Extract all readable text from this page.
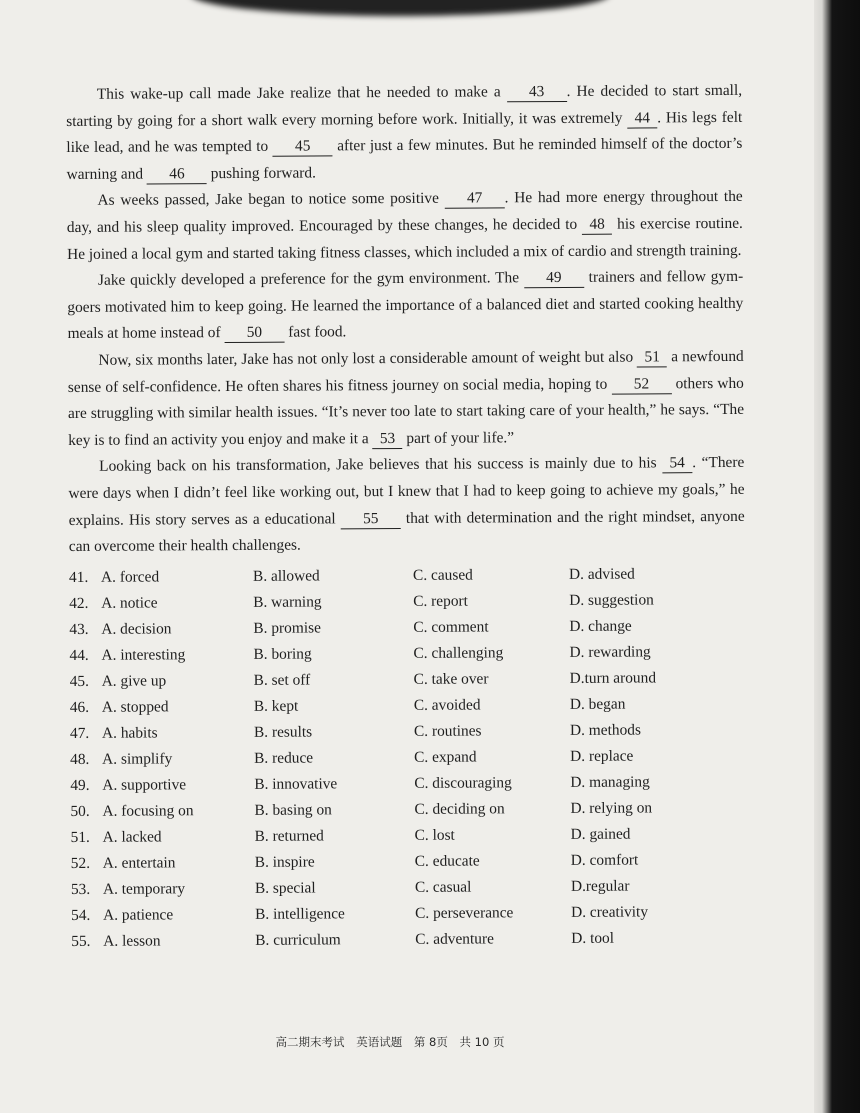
This wake-up call made Jake realize that he needed to make a 43 . He decided to start small, starting by going for a short walk every morning before work. Initially, it was extremely 44 . His legs felt like lead, and he was tempted to 45 after just a few minutes. But he reminded himself of the doctor’s warning and 46 pushing forward.

As weeks passed, Jake began to notice some positive 47 . He had more energy throughout the day, and his sleep quality improved. Encouraged by these changes, he decided to 48 his exercise routine. He joined a local gym and started taking fitness classes, which included a mix of cardio and strength training.

Jake quickly developed a preference for the gym environment. The 49 trainers and fellow gym-goers motivated him to keep going. He learned the importance of a balanced diet and started cooking healthy meals at home instead of 50 fast food.

Now, six months later, Jake has not only lost a considerable amount of weight but also 51 a newfound sense of self-confidence. He often shares his fitness journey on social media, hoping to 52 others who are struggling with similar health issues. “It’s never too late to start taking care of your health,” he says. “The key is to find an activity you enjoy and make it a 53 part of your life.”

Looking back on his transformation, Jake believes that his success is mainly due to his 54 . “There were days when I didn’t feel like working out, but I knew that I had to keep going to achieve my goals,” he explains. His story serves as a educational 55 that with determination and the right mindset, anyone can overcome their health challenges.

41. A. forced	B. allowed	C. caused	D. advised
42. A. notice	B. warning	C. report	D. suggestion
43. A. decision	B. promise	C. comment	D. change
44. A. interesting	B. boring	C. challenging	D. rewarding
45. A. give up	B. set off	C. take over	D.turn around
46. A. stopped	B. kept	C. avoided	D. began
47. A. habits	B. results	C. routines	D. methods
48. A. simplify	B. reduce	C. expand	D. replace
49. A. supportive	B. innovative	C. discouraging	D. managing
50. A. focusing on	B. basing on	C. deciding on	D. relying on
51. A. lacked	B. returned	C. lost	D. gained
52. A. entertain	B. inspire	C. educate	D. comfort
53. A. temporary	B. special	C. casual	D.regular
54. A. patience	B. intelligence	C. perseverance	D. creativity
55. A. lesson	B. curriculum	C. adventure	D. tool
高二期末考试 英语试题 第 8页 共 10 页
